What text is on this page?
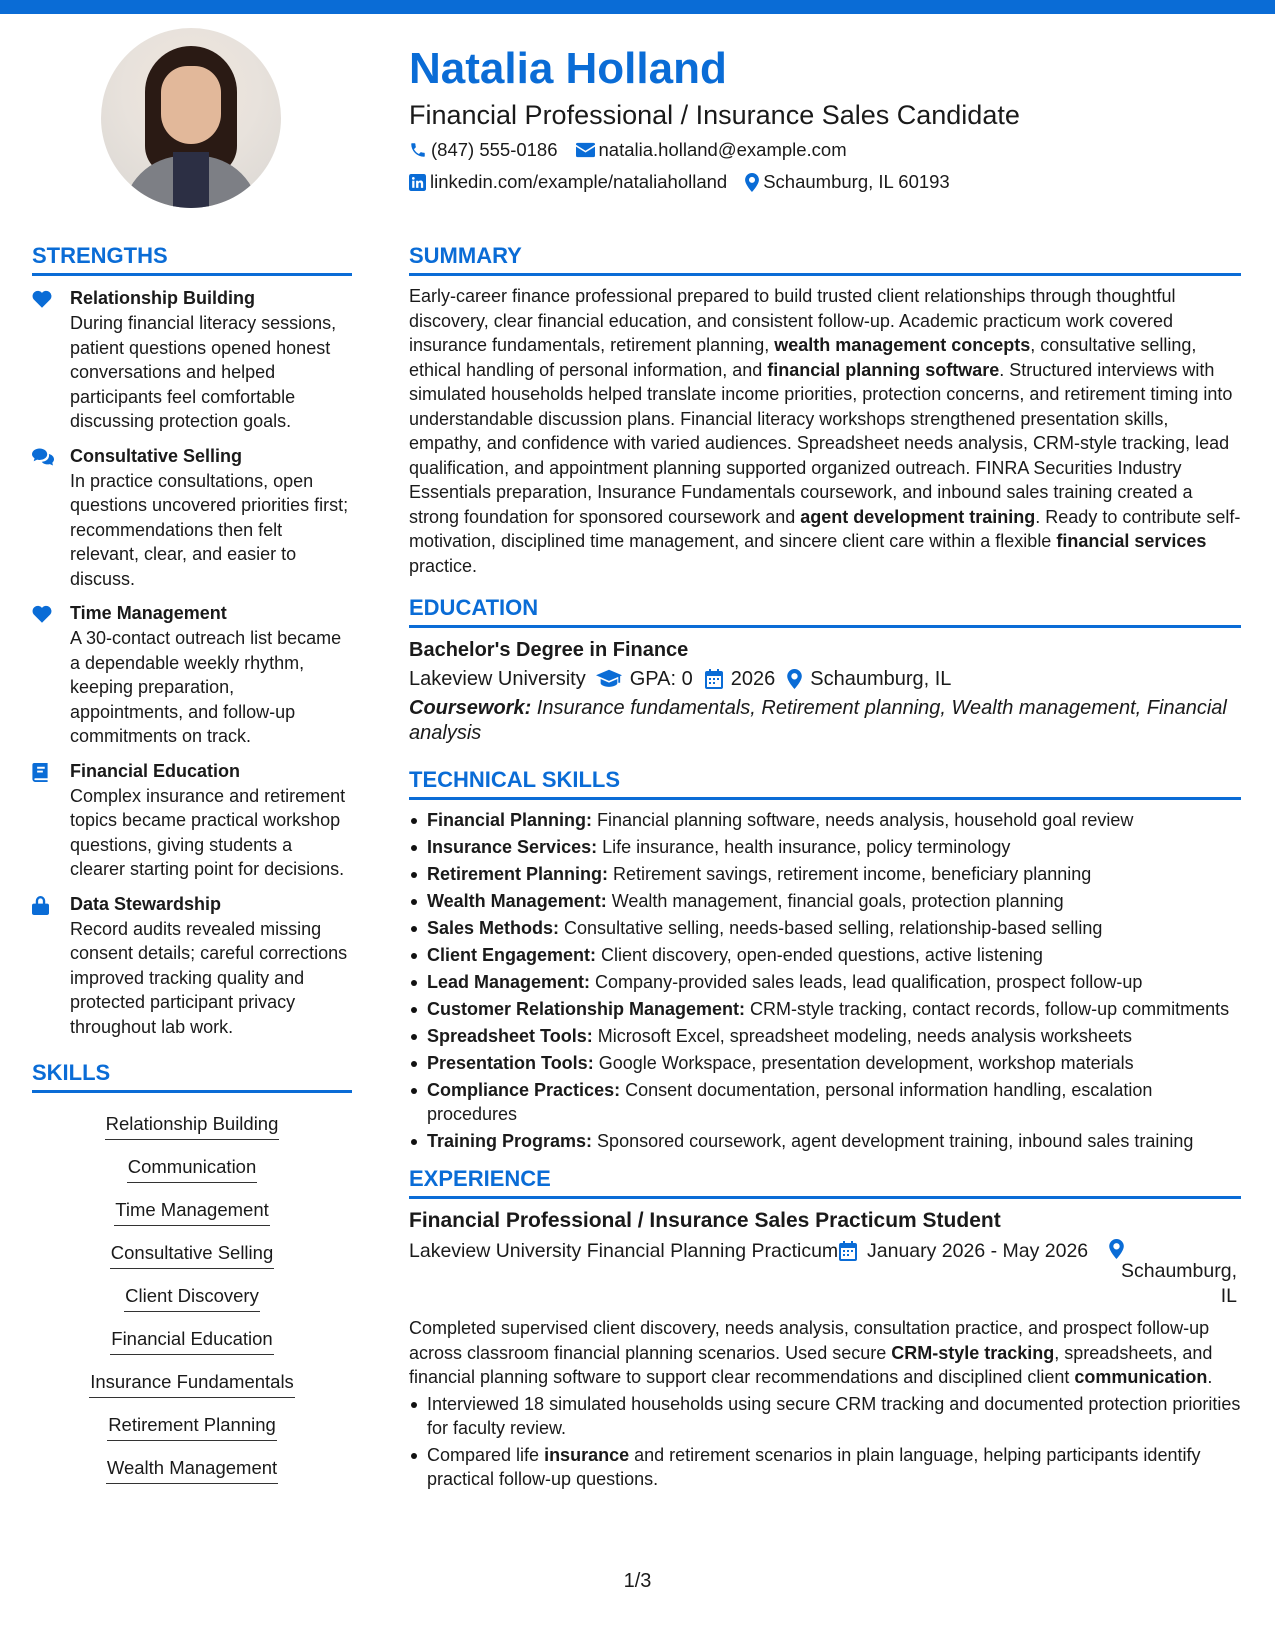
Natalia Holland
Financial Professional / Insurance Sales Candidate
(847) 555-0186 natalia.holland@example.com
linkedin.com/example/nataliaholland Schaumburg, IL 60193
STRENGTHS
Relationship Building
During financial literacy sessions, patient questions opened honest conversations and helped participants feel comfortable discussing protection goals.
Consultative Selling
In practice consultations, open questions uncovered priorities first; recommendations then felt relevant, clear, and easier to discuss.
Time Management
A 30-contact outreach list became a dependable weekly rhythm, keeping preparation, appointments, and follow-up commitments on track.
Financial Education
Complex insurance and retirement topics became practical workshop questions, giving students a clearer starting point for decisions.
Data Stewardship
Record audits revealed missing consent details; careful corrections improved tracking quality and protected participant privacy throughout lab work.
SKILLS
Relationship Building
Communication
Time Management
Consultative Selling
Client Discovery
Financial Education
Insurance Fundamentals
Retirement Planning
Wealth Management
SUMMARY
Early-career finance professional prepared to build trusted client relationships through thoughtful discovery, clear financial education, and consistent follow-up. Academic practicum work covered insurance fundamentals, retirement planning, wealth management concepts, consultative selling, ethical handling of personal information, and financial planning software. Structured interviews with simulated households helped translate income priorities, protection concerns, and retirement timing into understandable discussion plans. Financial literacy workshops strengthened presentation skills, empathy, and confidence with varied audiences. Spreadsheet needs analysis, CRM-style tracking, lead qualification, and appointment planning supported organized outreach. FINRA Securities Industry Essentials preparation, Insurance Fundamentals coursework, and inbound sales training created a strong foundation for sponsored coursework and agent development training. Ready to contribute self-motivation, disciplined time management, and sincere client care within a flexible financial services practice.
EDUCATION
Bachelor's Degree in Finance
Lakeview University GPA: 0 2026 Schaumburg, IL
Coursework: Insurance fundamentals, Retirement planning, Wealth management, Financial analysis
TECHNICAL SKILLS
Financial Planning: Financial planning software, needs analysis, household goal review
Insurance Services: Life insurance, health insurance, policy terminology
Retirement Planning: Retirement savings, retirement income, beneficiary planning
Wealth Management: Wealth management, financial goals, protection planning
Sales Methods: Consultative selling, needs-based selling, relationship-based selling
Client Engagement: Client discovery, open-ended questions, active listening
Lead Management: Company-provided sales leads, lead qualification, prospect follow-up
Customer Relationship Management: CRM-style tracking, contact records, follow-up commitments
Spreadsheet Tools: Microsoft Excel, spreadsheet modeling, needs analysis worksheets
Presentation Tools: Google Workspace, presentation development, workshop materials
Compliance Practices: Consent documentation, personal information handling, escalation procedures
Training Programs: Sponsored coursework, agent development training, inbound sales training
EXPERIENCE
Financial Professional / Insurance Sales Practicum Student
Lakeview University Financial Planning Practicum January 2026 - May 2026
Schaumburg, IL
Completed supervised client discovery, needs analysis, consultation practice, and prospect follow-up across classroom financial planning scenarios. Used secure CRM-style tracking, spreadsheets, and financial planning software to support clear recommendations and disciplined client communication.
Interviewed 18 simulated households using secure CRM tracking and documented protection priorities for faculty review.
Compared life insurance and retirement scenarios in plain language, helping participants identify practical follow-up questions.
1/3
